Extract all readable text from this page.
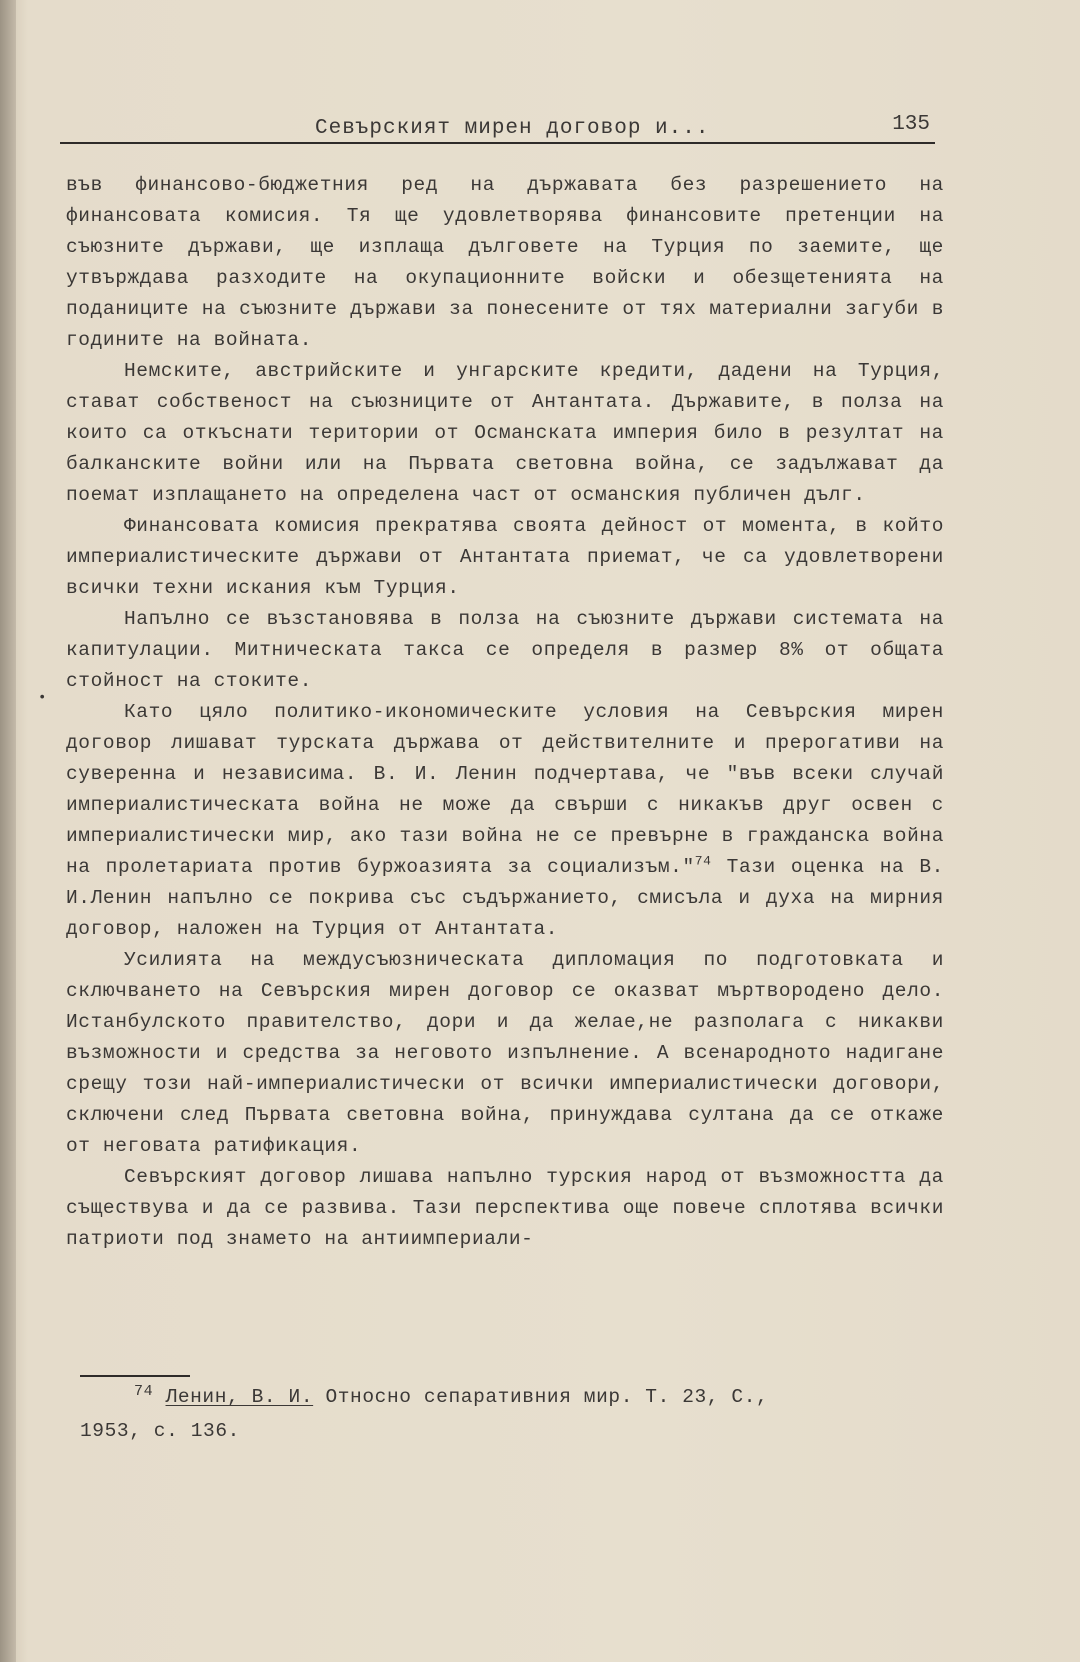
Севърският мирен договор и...	135
•

във финансово-бюджетния ред на държавата без разрешението на финансовата комисия. Тя ще удовлетворява финансовите претенции на съюзните държави, ще изплаща дълговете на Турция по заемите, ще утвърждава разходите на окупационните войски и обезщетенията на поданиците на съюзните държави за понесените от тях материални загуби в годините на войната.

Немските, австрийските и унгарските кредити, дадени на Турция, стават собственост на съюзниците от Антантата. Държавите, в полза на които са откъснати територии от Османската империя било в резултат на балканските войни или на Първата световна война, се задължават да поемат изплащането на определена част от османския публичен дълг.

Финансовата комисия прекратява своята дейност от момента, в който империалистическите държави от Антантата приемат, че са удовлетворени всички техни искания към Турция.

Напълно се възстановява в полза на съюзните държави системата на капитулации. Митническата такса се определя в размер 8% от общата стойност на стоките.

Като цяло политико-икономическите условия на Севърския мирен договор лишават турската държава от действителните и прерогативи на суверенна и независима. В. И. Ленин подчертава, че "във всеки случай империалистическата война не може да свърши с никакъв друг освен с империалистически мир, ако тази война не се превърне в гражданска война на пролетариата против буржоазията за социализъм."$^{74}$ Тази оценка на В. И.Ленин напълно се покрива със съдържанието, смисъла и духа на мирния договор, наложен на Турция от Антантата.

Усилията на междусъюзническата дипломация по подготовката и сключването на Севърския мирен договор се оказват мъртвородено дело. Истанбулското правителство, дори и да желае,не разполага с никакви възможности и средства за неговото изпълнение. А всенародното надигане срещу този най-империалистически от всички империалистически договори, сключени след Първата световна война, принуждава султана да се откаже от неговата ратификация.

Севърският договор лишава напълно турския народ от възможността да съществува и да се развива. Тази перспектива още повече сплотява всички патриоти под знамето на антиимпериали-

$^{74}$ Ленин, В. И. Относно сепаративния мир. Т. 23, С.,
1953, с. 136.
